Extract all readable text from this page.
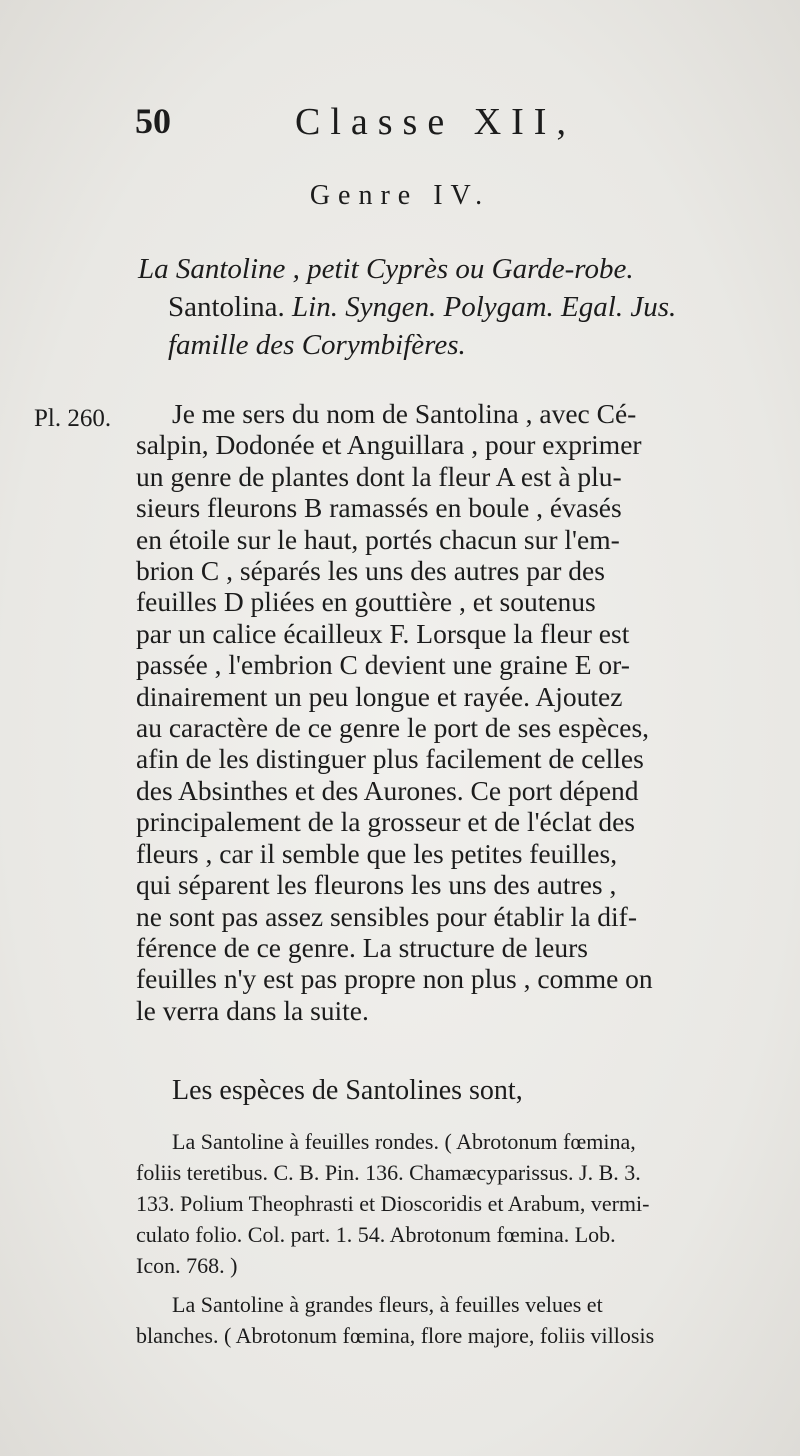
50	Classe XII,
Genre IV.
La Santoline , petit Cyprès ou Garde-robe.
Santolina. Lin. Syngen. Polygam. Egal. Jus.
famille des Corymbifères.
Pl. 260.	Je me sers du nom de Santolina , avec Cé-
salpin, Dodonée et Anguillara , pour exprimer
un genre de plantes dont la fleur A est à plu-
sieurs fleurons B ramassés en boule , évasés
en étoile sur le haut, portés chacun sur l'em-
brion C , séparés les uns des autres par des
feuilles D pliées en gouttière , et soutenus
par un calice écailleux F. Lorsque la fleur est
passée , l'embrion C devient une graine E or-
dinairement un peu longue et rayée. Ajoutez
au caractère de ce genre le port de ses espèces,
afin de les distinguer plus facilement de celles
des Absinthes et des Aurones. Ce port dépend
principalement de la grosseur et de l'éclat des
fleurs , car il semble que les petites feuilles,
qui séparent les fleurons les uns des autres ,
ne sont pas assez sensibles pour établir la dif-
férence de ce genre. La structure de leurs
feuilles n'y est pas propre non plus , comme on
le verra dans la suite.
Les espèces de Santolines sont,
La Santoline à feuilles rondes. ( Abrotonum fœmina,
foliis teretibus. C. B. Pin. 136. Chamæcyparissus. J. B. 3.
133. Polium Theophrasti et Dioscoridis et Arabum, vermi-
culato folio. Col. part. 1. 54. Abrotonum fœmina. Lob.
Icon. 768. )
La Santoline à grandes fleurs, à feuilles velues et
blanches. ( Abrotonum fœmina, flore majore, foliis villosis
